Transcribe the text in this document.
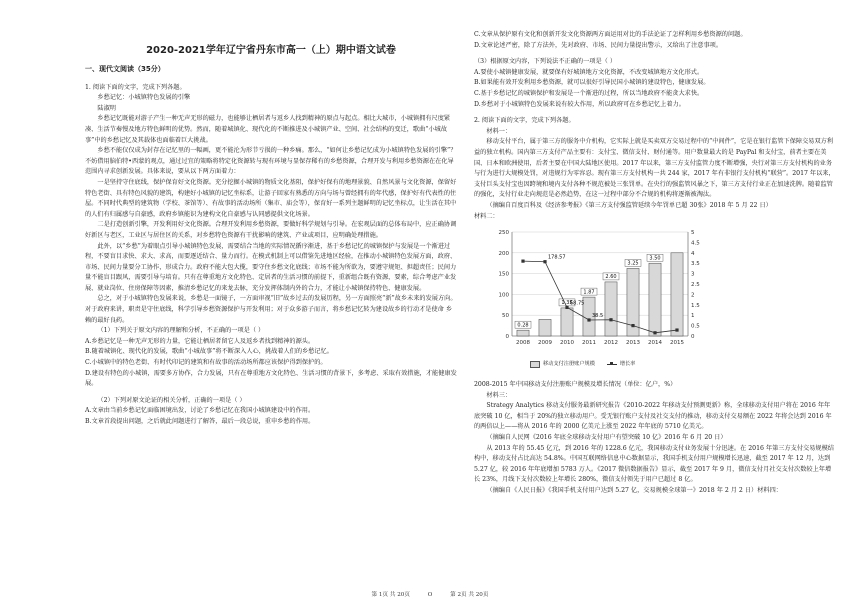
2020-2021学年辽宁省丹东市高一（上）期中语文试卷
一、现代文阅读（35分）

1. 阅读下面的文字，完成下列各题。

乡愁记忆：小城镇特色发展的引擎

陆淑明

乡愁记忆既能对游子产生一种无声无形的磁力，也能够让栖居者与返乡人找到精神的原点与起点。相比大城市，小城镇拥有尺度紧凑、生活节奏慢及地方特色鲜明的优势。然而，随着城镇化、现代化的不断推进及小城镇产业、空间、社会结构的变迁，歌曲“小城故事”中的乡愁记忆及其载体也面临着巨大挑战。

乡愁不能仅仅成为封存在记忆里的一幅画，更不能沦为形节亏损的一种乡痛。那么，“如何让乡愁记忆成为小城镇特色发展的引擎”？不妨借用脑伯特•西蒙的观点，通过过宜的策略将特定化资源转与现有环境与显保存稀有的乡愁资源，合理开发与利用乡愁资源在在化导范围内寻求创新发展。具体来说，要从以下两方面着力：

一是坚持守住底线，保护保育好文化资源。充分挖掘小城镇的物质文化基阻，保护好保有的地理景貌、自然风景与文化资源，保留好特色老街、具有特色风貌的建筑，构建好小城镇的记忆坐标系，让游子回家有熟悉的方向与场与曾经拥有的年代感，保护好有代表性的住屋。不同时代典型的建筑物（学校、茶馆等）、有故事的活动场所（集市、庙会等），保育好一系列主题鲜明的记忆坐标点，让生活在其中的人们有归属感与自豪感，政府乡镇能识为建构文化自豪感与认同感提供文化场景。

二是打造创新引擎，开发利用好文化资源。合理开发利用乡愁资源，要做好科学规划与引导。在宏观层面的总体布局中，应正确协调好新区与老区，工业区与居住区的关系，对乡愁特色资源有干扰影响的建筑、产业或项目，应明确处理措施。

此外，以“乡愁”为着眼点引导小城镇特色发展，需要结合当地的实际情况循序渐进，基于乡愁记忆的城镇保护与发展是一个渐进过程，不要盲目求快、求大、求高，而要逐近结合、量力而行。在模式机制上可以借鉴先进地区经验，在推动小城镇特色发展方面，政府、市场、民间力量要分工协作，形成合力。政府不能大包大揽，要守住乡愁文化底线；市场不能为所欲为，要遵守规矩、担超责任；民间力量不能盲目跟风，需要引导与培育。只有在尊重地方文化特色、定居者的生活习惯的前提下，重新组合既有资源，要素，综合考虑产业发展、就业岗位、住房保障等因素，推清乡愁记忆的来龙去脉，充分发挥体制内外的合力，才能让小城镇保持特色、健康发展。

总之，对于小城镇特色发展来说，乡愁是一面镜子，一方面审视“旧”故乡过去的发展历程，另一方面照亮“新”故乡未来的发展方向。对于政府来讲，职责是守住底线，科学引导乡愁资源保护与开发利用；对于众多游子而言，将乡愁记忆转为建设故乡的行动才是使命 乡赖的最好良药。

（1）下列关于原文内容的理解和分析，不正确的一项是（ ）

A.乡愁记忆是一种无声无形的力量，它能让栖居者留它人及返乡者找到精神的源头。

B.随着城镇化、现代化的发展，歌曲“小城故事”将不断深入人心，挑战着人们的乡愁记忆。

C.小城镇中的特色老街、有时代印记的建筑和有故事的活动场所都应该保护得到保护的。

D.建设有特色的小城镇，需要多方协作，合力发展，只有在尊重地方文化特色、生活习惯的背景下，多考虑、采取有效措施，才能健康发展。

（2）下列对原文论证的相关分析，正确的一项是（ ）

A.文章由当前乡愁记忆面临困境出发，讨论了乡愁记忆在我国小城镇建设中的作用。

B.文章首段提出问题，之后就此问题进行了解答，最后一段总说，重申乡愁的作用。

C.文章从保护原有文化和创新开发文化资源两方面运用对比的手法论证了怎样利用乡愁资源的问题。

D.文章论述严密，除了方法外，先对政府、市场、民间力量提出警示，又给出了注意事项。

（3）根据原文内容，下列说法不正确的一项是（ ）

A.要使小城镇健康发展，就要保有好城镇地方文化资源，不改变城镇地方文化形式。

B.如果能有效开发利用乡愁资源，就可以很好引导民国小城镇的建设特色，健康发展。

C.基于乡愁记忆的城镇保护和发展是一个渐进的过程，所以当地政府不能贪大求快。

D.乡愁对于小城镇特色发展来说有较大作用，所以政府可在乡愁记忆上着力。

2. 阅读下面的文字，完成下列各题。

材料一：

移动支付平台，属于第三方的服务中介机构，它实际上就是买卖双方交易过程中的“中间件”，它是在银行监管下保障交易双方利益的独立机构。国内第三方支付产品主要有：支付宝、微信支付、财付通等。用户数量最大的是 PayPal 和支付宝，前者主要在美国、日本和欧洲使用，后者主要在中国大陆地区使用。2017 年以来，第三方支付监管力度不断增强，央行对第三方支付机构的业务与行为进行大规模处罚，对违规行为零容忍。现有第三方支付机构一共 244 家，2017 年有非银行支付机构“联营”。2017 年以来，支付巨头支付宝也因跨境和境内支付各种不规范被处三张罚单。在央行的强监管风暴之下，第三方支付行业正在加速洗牌。随着监管的强化，支付行业走向规范是必然趋势，在这一过程中部分不合规的机构将逐渐被淘汰。

（摘编自百度百科及《经济参考报》《第三方支付强监管延续今年罚单已超 30张》2018 年 5 月 22 日）

材料二：

0
50
100
150
200
250
0
0.5
1
1.5
2
2.5
3
3.5
4
4.5
5
0.28
2008 2009
1.35
2010
1.87
2011
2.60
2012
3.25
2013
3.50
2014 2015
178.57
68.75
38.5
移动支付注册账户规模	增长率

2008-2015 年中国移动支付注册账户规模及增长情况（单位：亿户，%）

材料三：

Strategy Analytics 移动支付服务最新研究报告《2010-2022 年移动支付预测更新》称，全球移动支付用户将在 2016 年年底突破 10 亿，相当于 20%的独立移动用户。受无银行账户支付及社交支付的推动，移动支付交易额在 2022 年将会达到 2016 年的两倍以上——将从 2016 年的 2000 亿美元上涨至 2022 年年底的 5710 亿美元。

（摘编自人民网《2016 年底全球移动支付用户有望突破 10 亿》2016 年 6 月 20 日）

从 2013 年的 55.45 亿元，到 2016 年的 1228.6 亿元，我国移动支付业务发展十分迅速。在 2016 年第三方支付交易规模结构中，移动支付占比高达 54.8%。中国互联网络信息中心数据显示，我国手机支付用户规模增长迅速，截至 2017 年 12 月，达到 5.27 亿，较 2016 年年底增加 5783 万人。《2017 微信数据报告》显示，截至 2017 年 9 月，微信支付月社交支付次数较上年增长 23%，月线下支付次数较上年增长 280%，微信支付领先于用户已超过 8 亿。

（摘编自《人民日报》《我国手机支付用户达到 5.27 亿，交易规模全球第一》2018 年 2 月 2 日）材料四：

第 1页 共 20页	O	第 2页 共 20页
